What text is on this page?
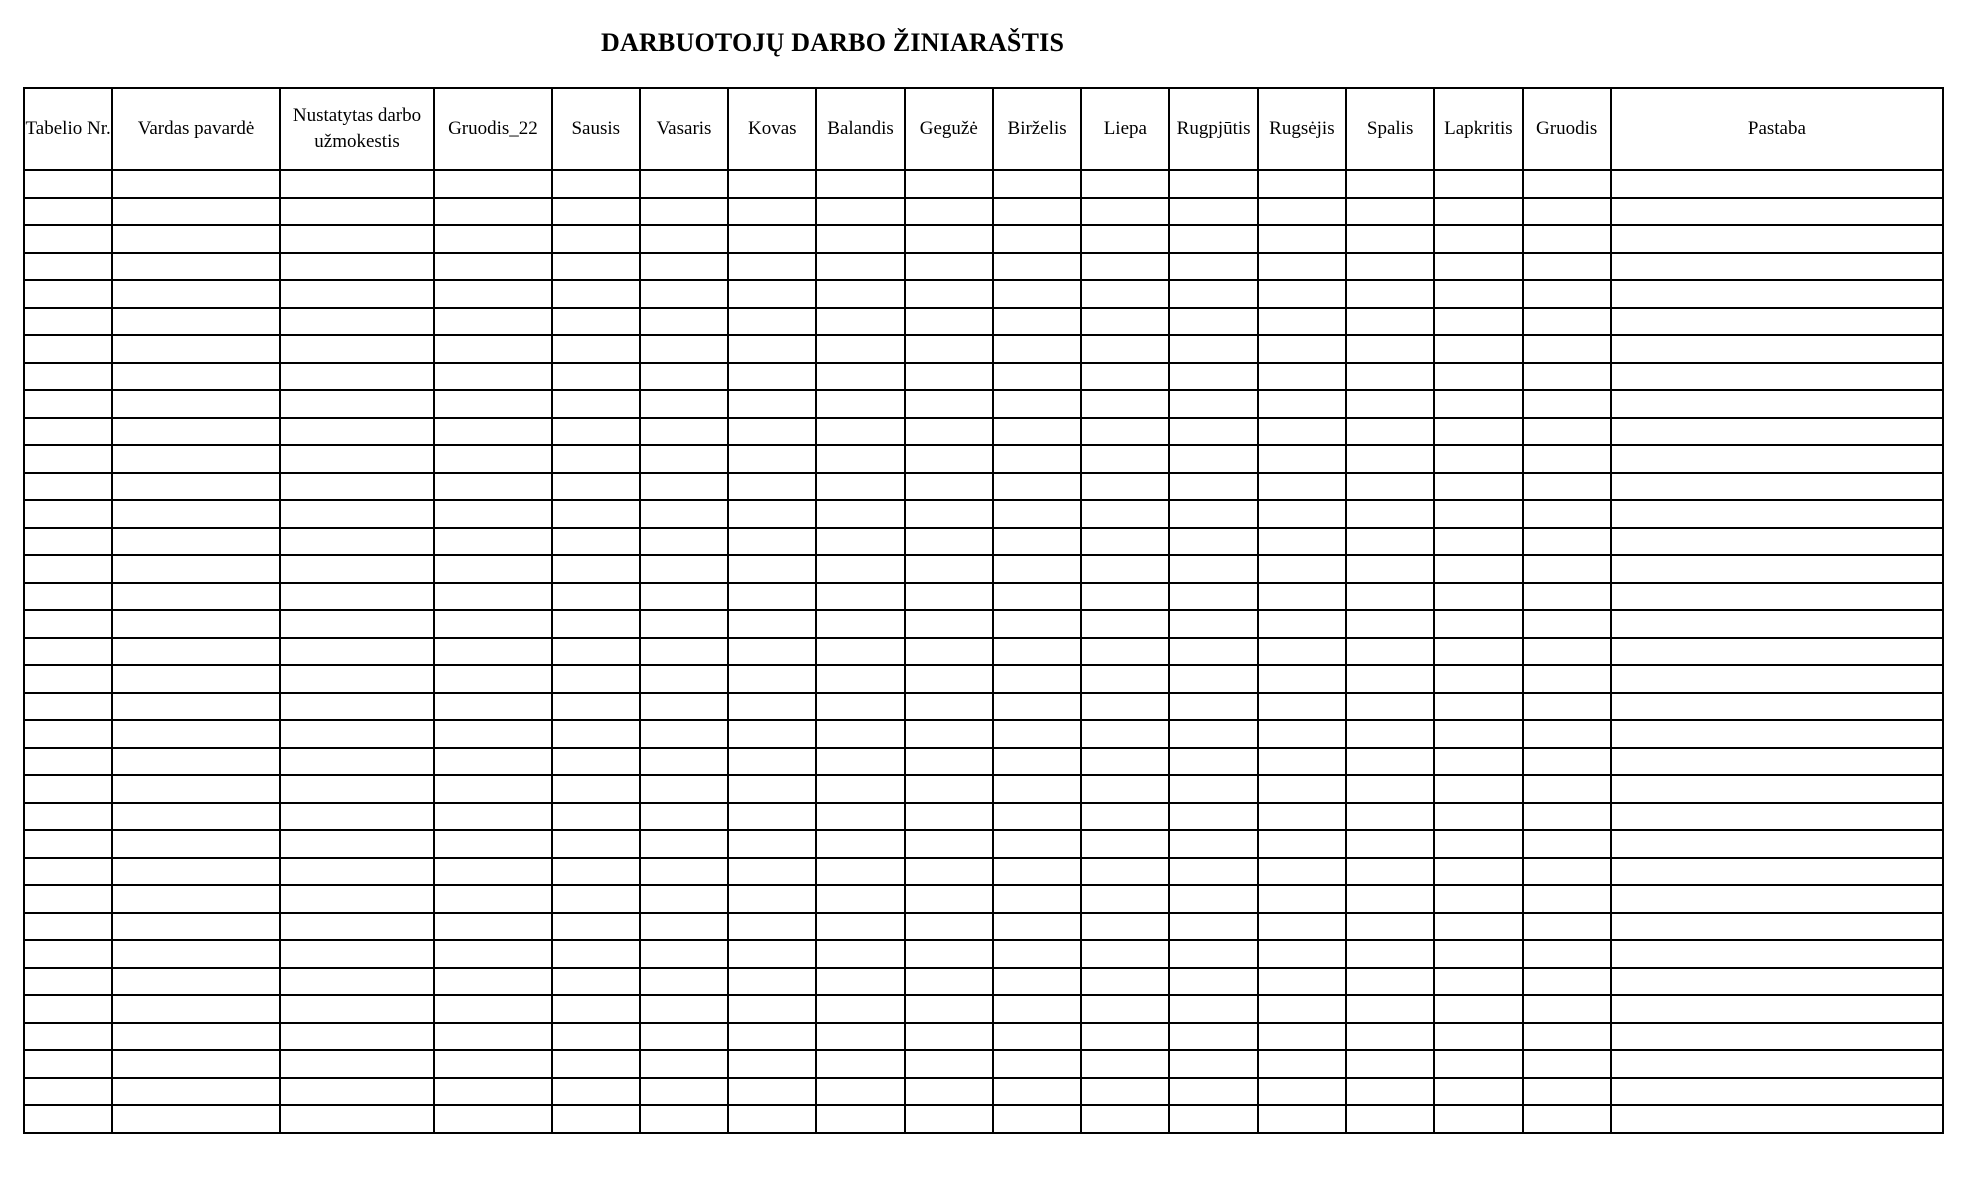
DARBUOTOJŲ DARBO ŽINIARAŠTIS
Tabelio Nr.	Vardas pavardė	Nustatytas darbo užmokestis	Gruodis_22	Sausis	Vasaris	Kovas	Balandis	Gegužė	Birželis	Liepa	Rugpjūtis	Rugsėjis	Spalis	Lapkritis	Gruodis	Pastaba
